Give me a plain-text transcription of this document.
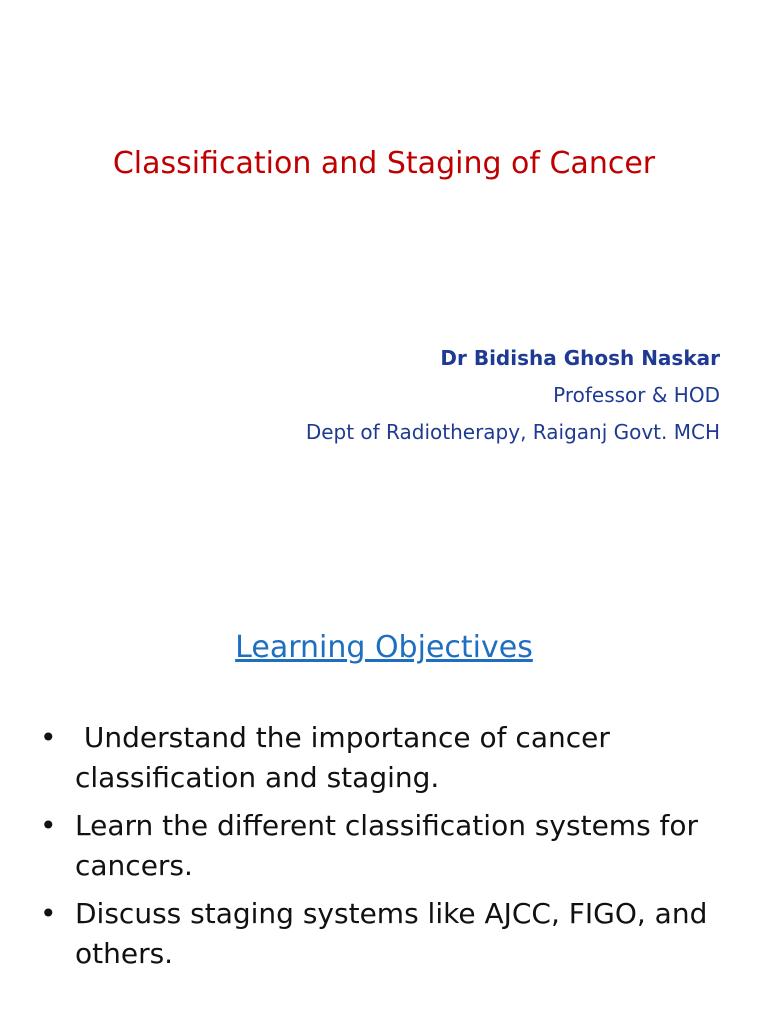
Classification and Staging of Cancer
Dr Bidisha Ghosh Naskar
Professor & HOD
Dept of Radiotherapy, Raiganj Govt. MCH
Learning Objectives
• Understand the importance of cancer classification and staging.
• Learn the different classification systems for cancers.
• Discuss staging systems like AJCC, FIGO, and others.
